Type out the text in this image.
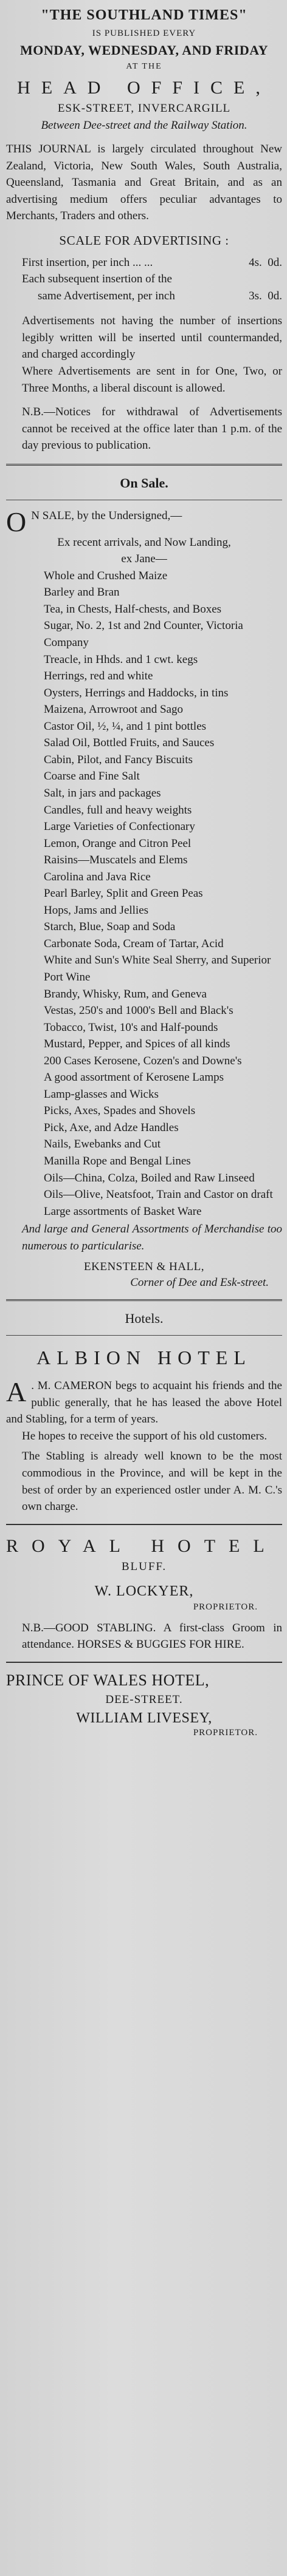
"THE SOUTHLAND TIMES"
IS PUBLISHED EVERY
MONDAY, WEDNESDAY, AND FRIDAY
AT THE
HEAD OFFICE,
ESK-STREET, INVERCARGILL
Between Dee-street and the Railway Station.

THIS JOURNAL is largely circulated throughout New Zealand, Victoria, New South Wales, South Australia, Queensland, Tasmania and Great Britain, and as an advertising medium offers peculiar advantages to Merchants, Traders and others.

SCALE FOR ADVERTISING :
First insertion, per inch ... ...	4s.  0d.
Each subsequent insertion of the
same Advertisement, per inch	3s.  0d.

Advertisements not having the number of insertions legibly written will be inserted until countermanded, and charged accordingly

Where Advertisements are sent in for One, Two, or Three Months, a liberal discount is allowed.

N.B.—Notices for withdrawal of Advertisements cannot be received at the office later than 1 p.m. of the day previous to publication.

On Sale.

O N SALE, by the Undersigned,—

Ex recent arrivals, and Now Landing,
ex Jane—
Whole and Crushed Maize
Barley and Bran
Tea, in Chests, Half-chests, and Boxes
Sugar, No. 2, 1st and 2nd Counter, Victoria Company
Treacle, in Hhds. and 1 cwt. kegs
Herrings, red and white
Oysters, Herrings and Haddocks, in tins
Maizena, Arrowroot and Sago
Castor Oil, ½, ¼, and 1 pint bottles
Salad Oil, Bottled Fruits, and Sauces
Cabin, Pilot, and Fancy Biscuits
Coarse and Fine Salt
Salt, in jars and packages
Candles, full and heavy weights
Large Varieties of Confectionary
Lemon, Orange and Citron Peel
Raisins—Muscatels and Elems
Carolina and Java Rice
Pearl Barley, Split and Green Peas
Hops, Jams and Jellies
Starch, Blue, Soap and Soda
Carbonate Soda, Cream of Tartar, Acid
White and Sun's White Seal Sherry, and Superior Port Wine
Brandy, Whisky, Rum, and Geneva
Vestas, 250's and 1000's Bell and Black's
Tobacco, Twist, 10's and Half-pounds
Mustard, Pepper, and Spices of all kinds
200 Cases Kerosene, Cozen's and Downe's
A good assortment of Kerosene Lamps
Lamp-glasses and Wicks
Picks, Axes, Spades and Shovels
Pick, Axe, and Adze Handles
Nails, Ewebanks and Cut
Manilla Rope and Bengal Lines
Oils—China, Colza, Boiled and Raw Linseed
Oils—Olive, Neatsfoot, Train and Castor on draft
Large assortments of Basket Ware

And large and General Assortments of Merchandise too numerous to particularise.

EKENSTEEN & HALL,
Corner of Dee and Esk-street.
Hotels.
ALBION HOTEL

A . M. CAMERON begs to acquaint his friends and the public generally, that he has leased the above Hotel and Stabling, for a term of years.

He hopes to receive the support of his old customers.

The Stabling is already well known to be the most commodious in the Province, and will be kept in the best of order by an experienced ostler under A. M. C.'s own charge.

ROYAL HOTEL
BLUFF.
W. LOCKYER,
PROPRIETOR.

N.B.—GOOD STABLING. A first-class Groom in attendance. HORSES & BUGGIES FOR HIRE.

PRINCE OF WALES HOTEL,
DEE-STREET.
WILLIAM LIVESEY,
PROPRIETOR.
